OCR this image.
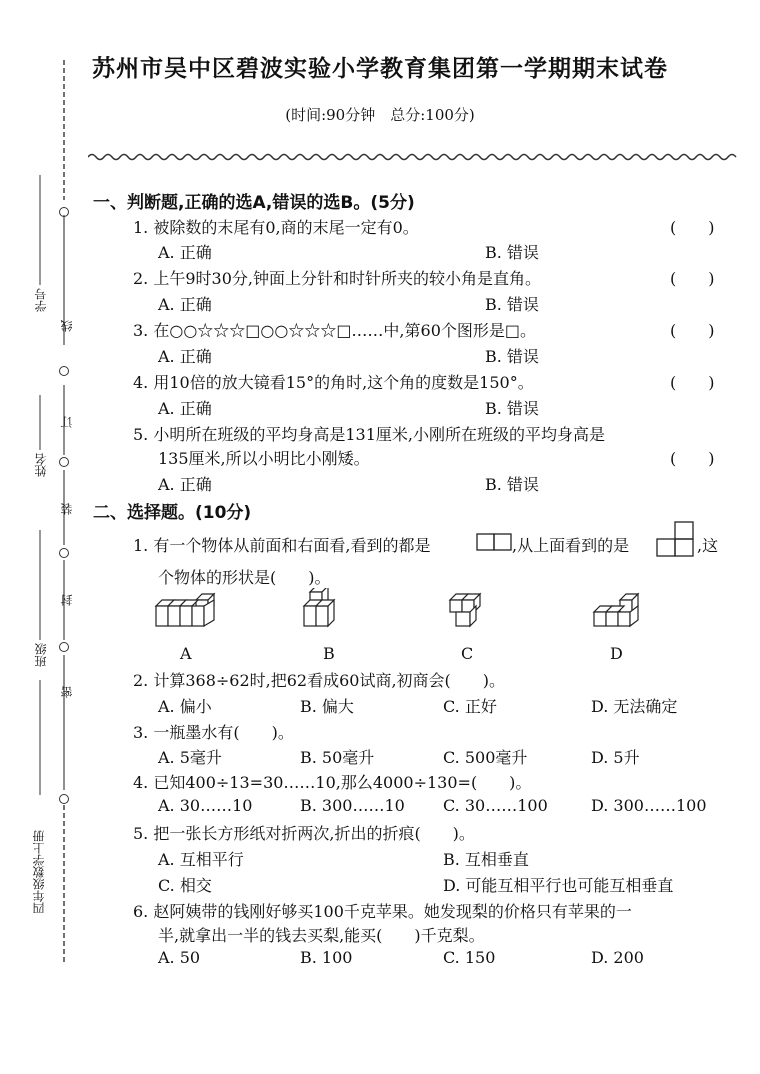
学号
姓名
班级
四年级数学上册
线
订
装
封
密
苏州市吴中区碧波实验小学教育集团第一学期期末试卷
(时间:90分钟　总分:100分)
一、判断题,正确的选A,错误的选B。(5分)
1. 被除数的末尾有0,商的末尾一定有0。	(　　)
A. 正确	B. 错误
2. 上午9时30分,钟面上分针和时针所夹的较小角是直角。	(　　)
A. 正确	B. 错误
3. 在○○☆☆☆□○○☆☆☆□……中,第60个图形是□。	(　　)
A. 正确	B. 错误
4. 用10倍的放大镜看15°的角时,这个角的度数是150°。	(　　)
A. 正确	B. 错误
5. 小明所在班级的平均身高是131厘米,小刚所在班级的平均身高是
135厘米,所以小明比小刚矮。	(　　)
A. 正确	B. 错误
二、选择题。(10分)
1. 有一个物体从前面和右面看,看到的都是	,从上面看到的是	,这
个物体的形状是(　　)。
A	B	C	D
2. 计算368÷62时,把62看成60试商,初商会(　　)。
A. 偏小	B. 偏大	C. 正好	D. 无法确定
3. 一瓶墨水有(　　)。
A. 5毫升	B. 50毫升	C. 500毫升	D. 5升
4. 已知400÷13=30……10,那么4000÷130=(　　)。
A. 30……10	B. 300……10 C. 30……100	D. 300……100
5. 把一张长方形纸对折两次,折出的折痕(　　)。
A. 互相平行	B. 互相垂直
C. 相交	D. 可能互相平行也可能互相垂直
6. 赵阿姨带的钱刚好够买100千克苹果。她发现梨的价格只有苹果的一
半,就拿出一半的钱去买梨,能买(　　)千克梨。
A. 50	B. 100	C. 150	D. 200
